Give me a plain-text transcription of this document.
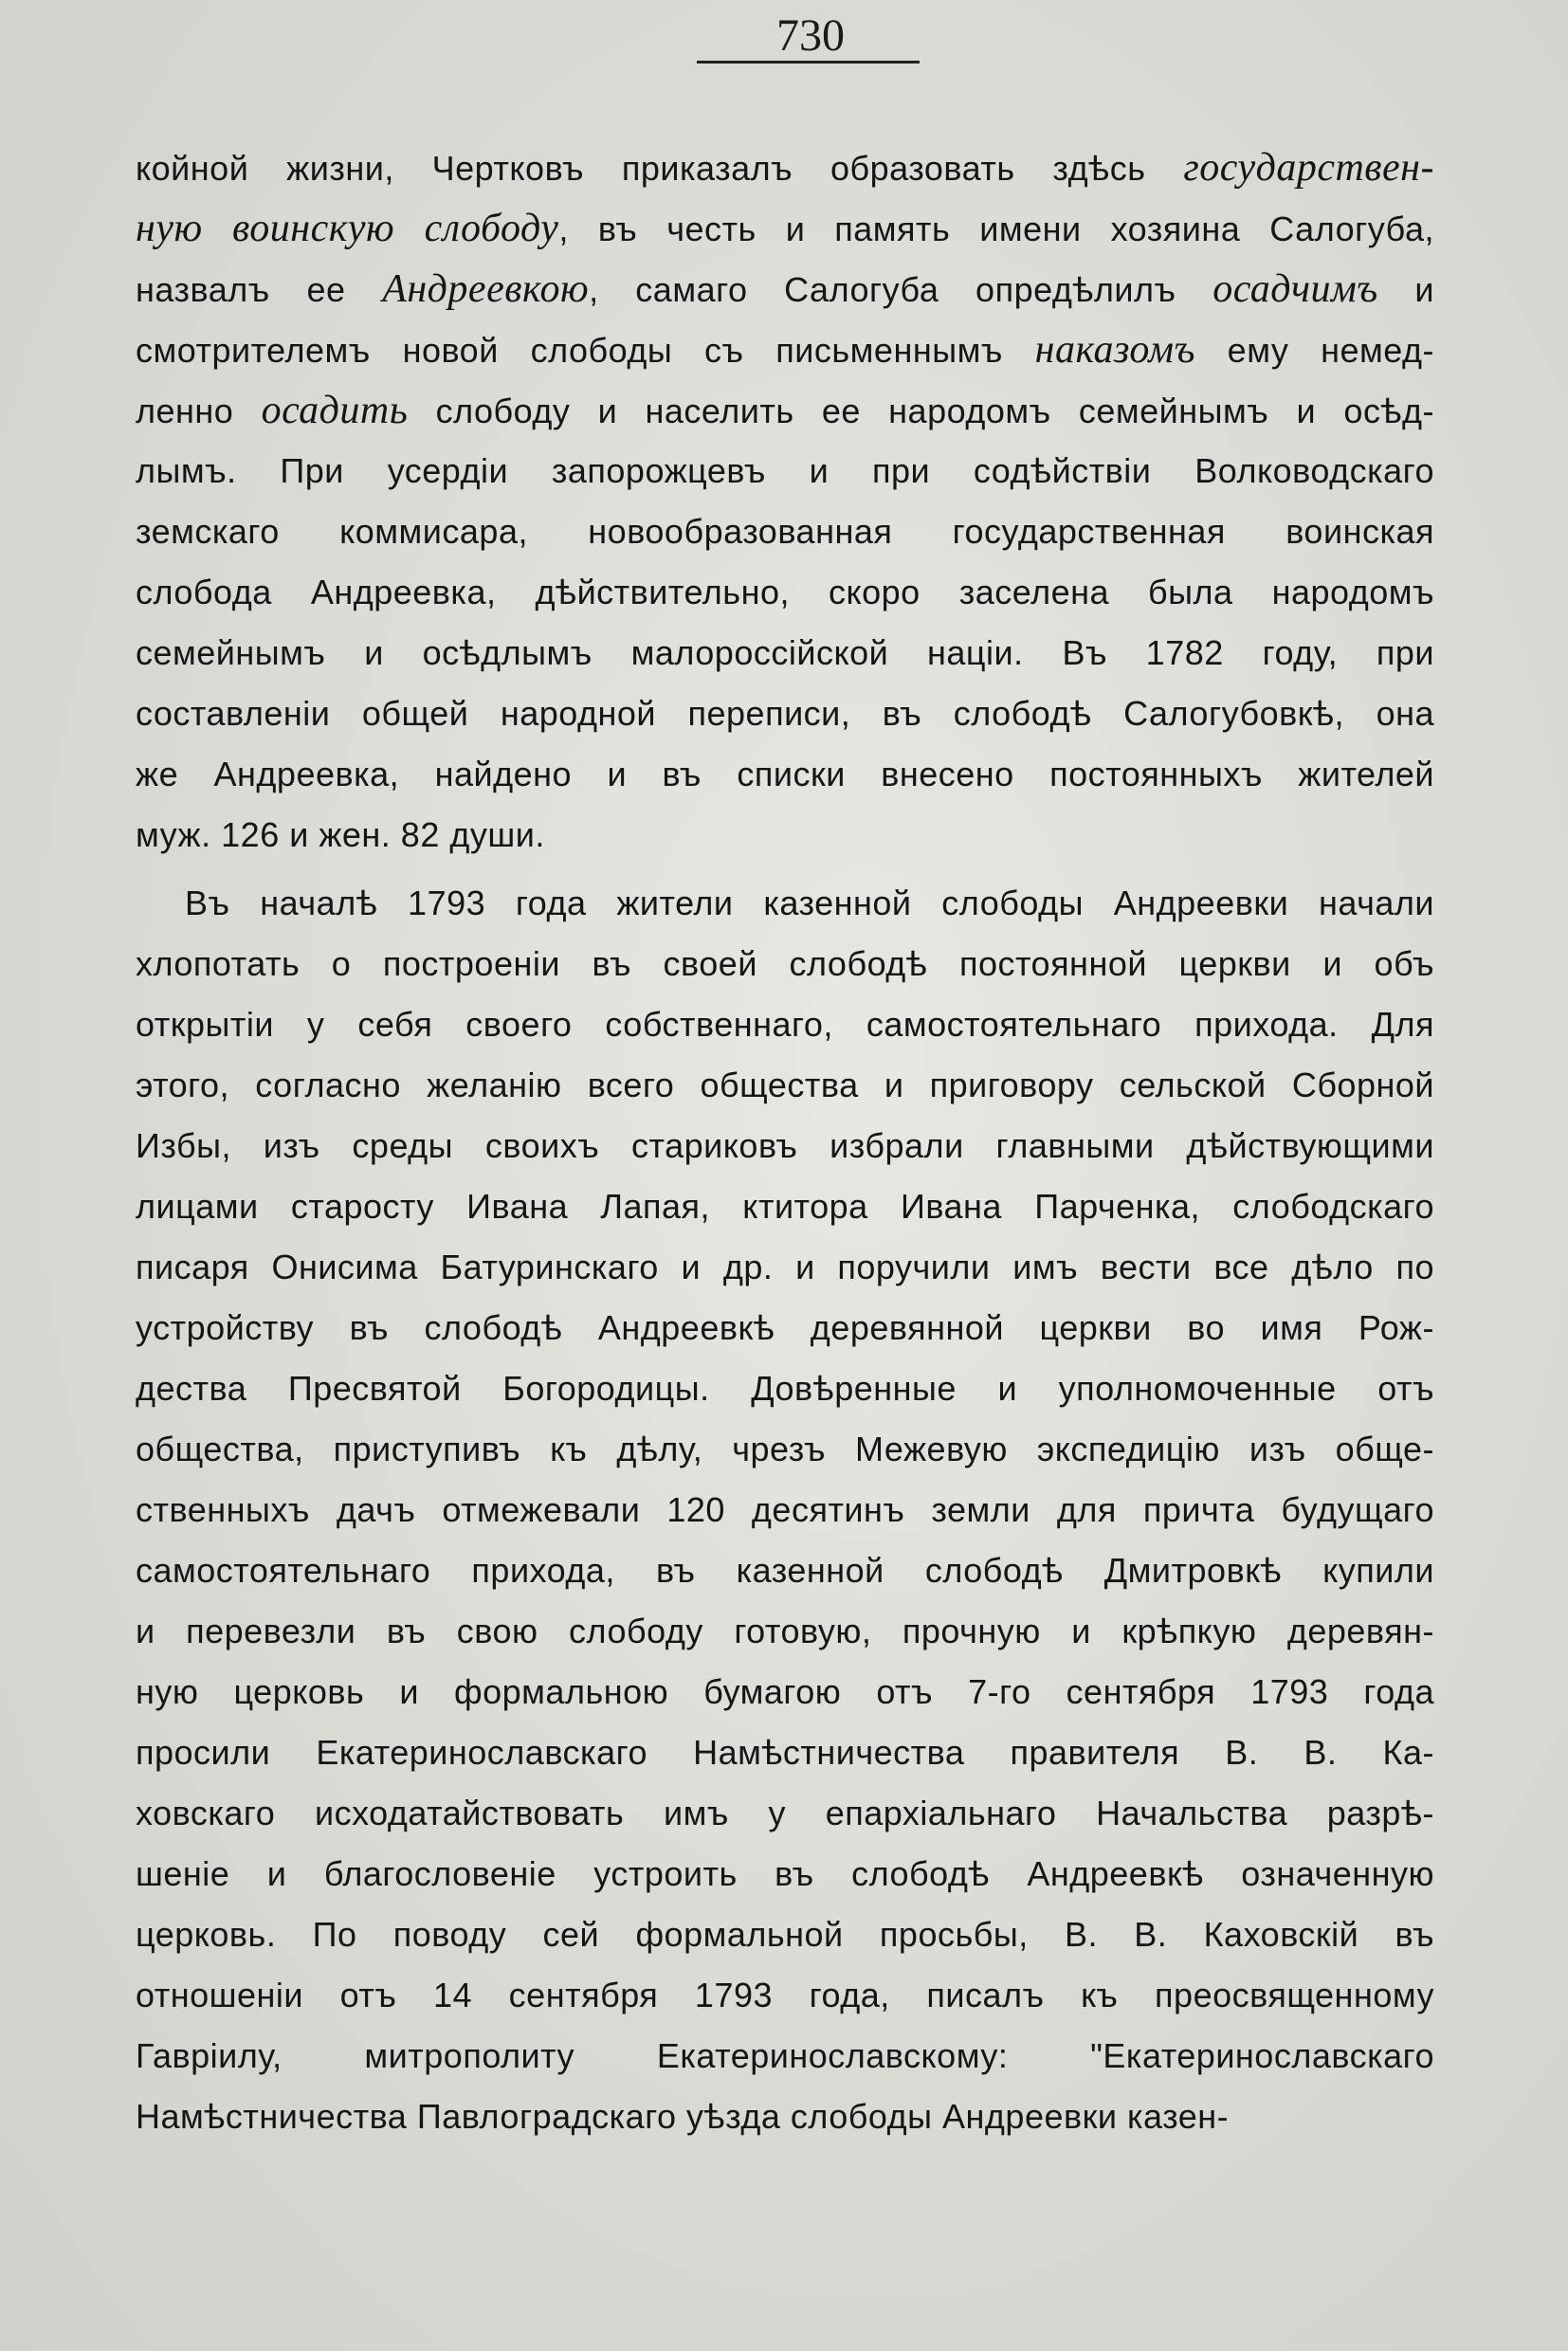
730
койной жизни, Чертковъ приказалъ образовать здѣсь государствен-
ную воинскую слободу, въ честь и память имени хозяина Салогуба,
назвалъ ее Андреевкою, самаго Салогуба опредѣлилъ осадчимъ и
смотрителемъ новой слободы съ письменнымъ наказомъ ему немед-
ленно осадить слободу и населить ее народомъ семейнымъ и осѣд-
лымъ. При усердіи запорожцевъ и при содѣйствіи Волководскаго
земскаго коммисара, новообразованная государственная воинская
слобода Андреевка, дѣйствительно, скоро заселена была народомъ
семейнымъ и осѣдлымъ малороссійской націи. Въ 1782 году, при
составленіи общей народной переписи, въ слободѣ Салогубовкѣ, она
же Андреевка, найдено и въ списки внесено постоянныхъ жителей
муж. 126 и жен. 82 души.
Въ началѣ 1793 года жители казенной слободы Андреевки начали
хлопотать о построеніи въ своей слободѣ постоянной церкви и объ
открытіи у себя своего собственнаго, самостоятельнаго прихода. Для
этого, согласно желанію всего общества и приговору сельской Сборной
Избы, изъ среды своихъ стариковъ избрали главными дѣйствующими
лицами старосту Ивана Лапая, ктитора Ивана Парченка, слободскаго
писаря Онисима Батуринскаго и др. и поручили имъ вести все дѣло по
устройству въ слободѣ Андреевкѣ деревянной церкви во имя Рож-
дества Пресвятой Богородицы. Довѣренные и уполномоченные отъ
общества, приступивъ къ дѣлу, чрезъ Межевую экспедицію изъ обще-
ственныхъ дачъ отмежевали 120 десятинъ земли для причта будущаго
самостоятельнаго прихода, въ казенной слободѣ Дмитровкѣ купили
и перевезли въ свою слободу готовую, прочную и крѣпкую деревян-
ную церковь и формальною бумагою отъ 7-го сентября 1793 года
просили Екатеринославскаго Намѣстничества правителя В. В. Ка-
ховскаго исходатайствовать имъ у епархіальнаго Начальства разрѣ-
шеніе и благословеніе устроить въ слободѣ Андреевкѣ означенную
церковь. По поводу сей формальной просьбы, В. В. Каховскій въ
отношеніи отъ 14 сентября 1793 года, писалъ къ преосвященному
Гавріилу, митрополиту Екатеринославскому: "Екатеринославскаго
Намѣстничества Павлоградскаго уѣзда слободы Андреевки казен-
